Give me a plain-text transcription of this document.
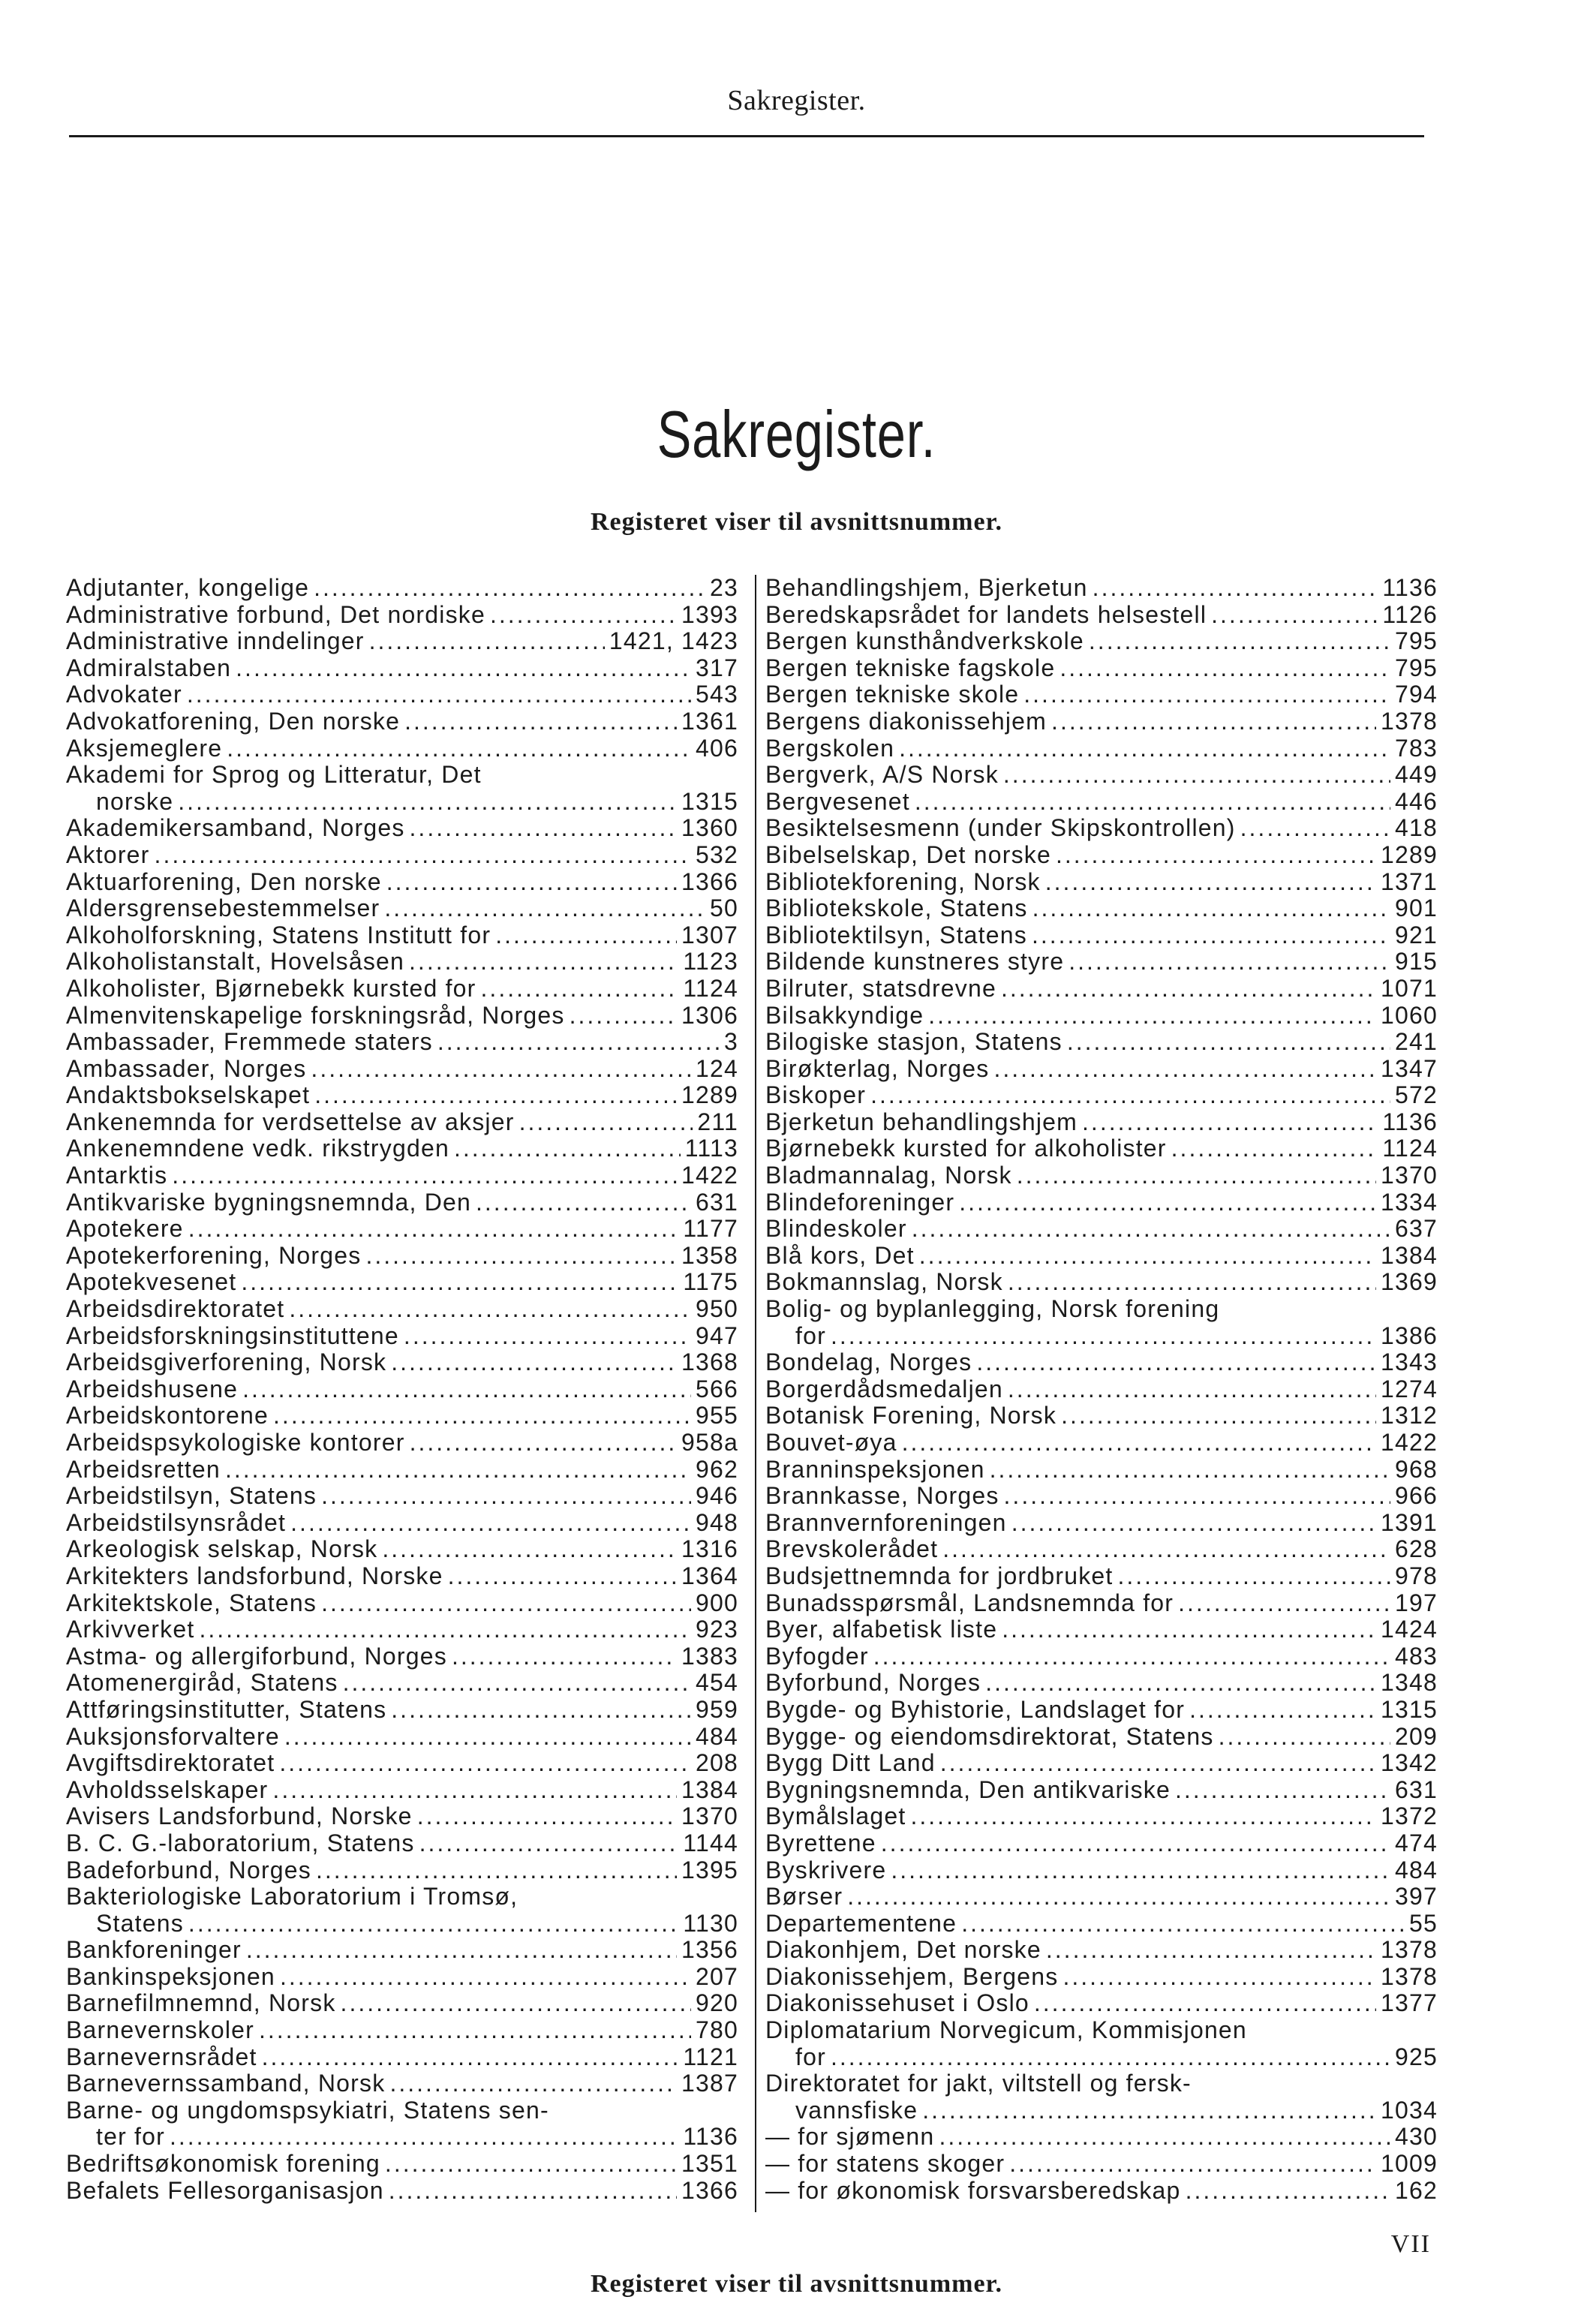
Sakregister.
Sakregister.
Registeret viser til avsnittsnummer.
Adjutanter, kongelige .....	23
Administrative forbund, Det nordiske .....	1393
Administrative inndelinger .....	1421, 1423
Admiralstaben .....	317
Advokater .....	543
Advokatforening, Den norske .....	1361
Aksjemeglere .....	406
Akademi for Sprog og Litteratur, Det
norske .....	1315
Akademikersamband, Norges .....	1360
Aktorer .....	532
Aktuarforening, Den norske .....	1366
Aldersgrensebestemmelser .....	50
Alkoholforskning, Statens Institutt for .....	1307
Alkoholistanstalt, Hovelsåsen .....	1123
Alkoholister, Bjørnebekk kursted for .....	1124
Almenvitenskapelige forskningsråd, Norges .....	1306
Ambassader, Fremmede staters .....	3
Ambassader, Norges .....	124
Andaktsbokselskapet .....	1289
Ankenemnda for verdsettelse av aksjer .....	211
Ankenemndene vedk. rikstrygden .....	1113
Antarktis .....	1422
Antikvariske bygningsnemnda, Den .....	631
Apotekere .....	1177
Apotekerforening, Norges .....	1358
Apotekvesenet .....	1175
Arbeidsdirektoratet .....	950
Arbeidsforskningsinstituttene .....	947
Arbeidsgiverforening, Norsk .....	1368
Arbeidshusene .....	566
Arbeidskontorene .....	955
Arbeidspsykologiske kontorer .....	958a
Arbeidsretten .....	962
Arbeidstilsyn, Statens .....	946
Arbeidstilsynsrådet .....	948
Arkeologisk selskap, Norsk .....	1316
Arkitekters landsforbund, Norske .....	1364
Arkitektskole, Statens .....	900
Arkivverket .....	923
Astma- og allergiforbund, Norges .....	1383
Atomenergiråd, Statens .....	454
Attføringsinstitutter, Statens .....	959
Auksjonsforvaltere .....	484
Avgiftsdirektoratet .....	208
Avholdsselskaper .....	1384
Avisers Landsforbund, Norske .....	1370
B. C. G.-laboratorium, Statens .....	1144
Badeforbund, Norges .....	1395
Bakteriologiske Laboratorium i Tromsø,
Statens .....	1130
Bankforeninger .....	1356
Bankinspeksjonen .....	207
Barnefilmnemnd, Norsk .....	920
Barnevernskoler .....	780
Barnevernsrådet .....	1121
Barnevernssamband, Norsk .....	1387
Barne- og ungdomspsykiatri, Statens sen-
ter for .....	1136
Bedriftsøkonomisk forening .....	1351
Befalets Fellesorganisasjon .....	1366
Behandlingshjem, Bjerketun .....	1136
Beredskapsrådet for landets helsestell .....	1126
Bergen kunsthåndverkskole .....	795
Bergen tekniske fagskole .....	795
Bergen tekniske skole .....	794
Bergens diakonissehjem .....	1378
Bergskolen .....	783
Bergverk, A/S Norsk .....	449
Bergvesenet .....	446
Besiktelsesmenn (under Skipskontrollen) .....	418
Bibelselskap, Det norske .....	1289
Bibliotekforening, Norsk .....	1371
Bibliotekskole, Statens .....	901
Bibliotektilsyn, Statens .....	921
Bildende kunstneres styre .....	915
Bilruter, statsdrevne .....	1071
Bilsakkyndige .....	1060
Bilogiske stasjon, Statens .....	241
Birøkterlag, Norges .....	1347
Biskoper .....	572
Bjerketun behandlingshjem .....	1136
Bjørnebekk kursted for alkoholister .....	1124
Bladmannalag, Norsk .....	1370
Blindeforeninger .....	1334
Blindeskoler .....	637
Blå kors, Det .....	1384
Bokmannslag, Norsk .....	1369
Bolig- og byplanlegging, Norsk forening
for .....	1386
Bondelag, Norges .....	1343
Borgerdådsmedaljen .....	1274
Botanisk Forening, Norsk .....	1312
Bouvet-øya .....	1422
Branninspeksjonen .....	968
Brannkasse, Norges .....	966
Brannvernforeningen .....	1391
Brevskolerådet .....	628
Budsjettnemnda for jordbruket .....	978
Bunadsspørsmål, Landsnemnda for .....	197
Byer, alfabetisk liste .....	1424
Byfogder .....	483
Byforbund, Norges .....	1348
Bygde- og Byhistorie, Landslaget for .....	1315
Bygge- og eiendomsdirektorat, Statens .....	209
Bygg Ditt Land .....	1342
Bygningsnemnda, Den antikvariske .....	631
Bymålslaget .....	1372
Byrettene .....	474
Byskrivere .....	484
Børser .....	397
Departementene .....	55
Diakonhjem, Det norske .....	1378
Diakonissehjem, Bergens .....	1378
Diakonissehuset i Oslo .....	1377
Diplomatarium Norvegicum, Kommisjonen
for .....	925
Direktoratet for jakt, viltstell og fersk-
vannsfiske .....	1034
— for sjømenn .....	430
— for statens skoger .....	1009
— for økonomisk forsvarsberedskap .....	162
VII
Registeret viser til avsnittsnummer.
